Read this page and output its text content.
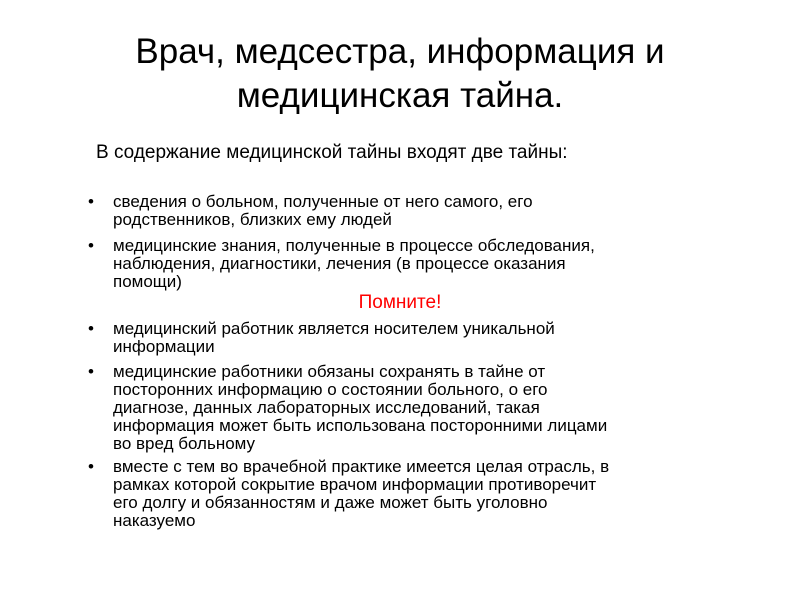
Врач, медсестра, информация и
медицинская тайна.

В содержание медицинской тайны входят две тайны:

• сведения о больном, полученные от него самого, его
родственников, близких ему людей
• медицинские знания, полученные в процессе обследования,
наблюдения, диагностики, лечения (в процессе оказания
помощи)
• медицинский работник является носителем уникальной
информации
• медицинские работники обязаны сохранять в тайне от
посторонних информацию о состоянии больного, о его
диагнозе, данных лабораторных исследований, такая
информация может быть использована посторонними лицами
во вред больному
• вместе с тем во врачебной практике имеется целая отрасль, в
рамках которой сокрытие врачом информации противоречит
его долгу и обязанностям и даже может быть уголовно
наказуемо

Помните!
